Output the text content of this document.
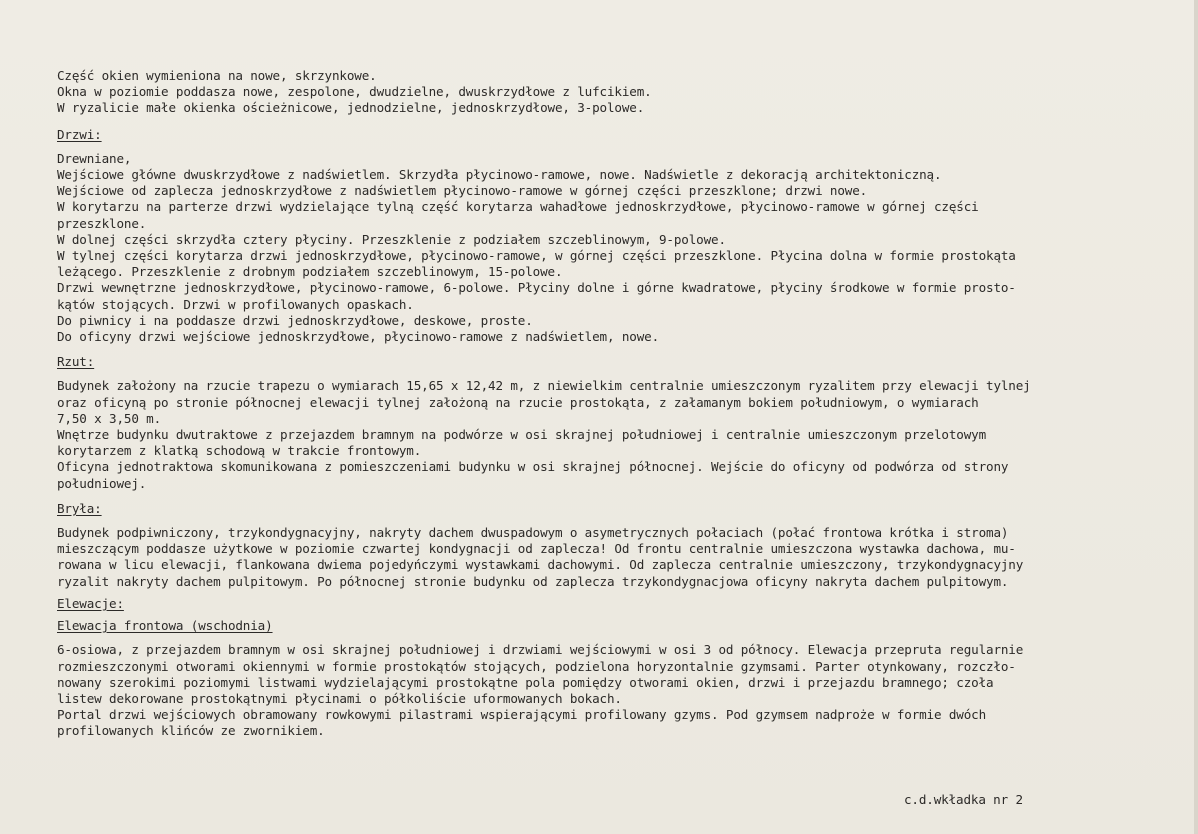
Część okien wymieniona na nowe, skrzynkowe.
Okna w poziomie poddasza nowe, zespolone, dwudzielne, dwuskrzydłowe z lufcikiem.
W ryzalicie małe okienka ościeżnicowe, jednodzielne, jednoskrzydłowe, 3-polowe.
Drzwi:
Drewniane,
Wejściowe główne dwuskrzydłowe z nadświetlem. Skrzydła płycinowo-ramowe, nowe. Nadświetle z dekoracją architektoniczną.
Wejściowe od zaplecza jednoskrzydłowe z nadświetlem płycinowo-ramowe w górnej części przeszklone; drzwi nowe.
W korytarzu na parterze drzwi wydzielające tylną część korytarza wahadłowe jednoskrzydłowe, płycinowo-ramowe w górnej części
przeszklone.
W dolnej części skrzydła cztery płyciny. Przeszklenie z podziałem szczeblinowym, 9-polowe.
W tylnej części korytarza drzwi jednoskrzydłowe, płycinowo-ramowe, w górnej części przeszklone. Płycina dolna w formie prostokąta
leżącego. Przeszklenie z drobnym podziałem szczeblinowym, 15-polowe.
Drzwi wewnętrzne jednoskrzydłowe, płycinowo-ramowe, 6-polowe. Płyciny dolne i górne kwadratowe, płyciny środkowe w formie prosto-
kątów stojących. Drzwi w profilowanych opaskach.
Do piwnicy i na poddasze drzwi jednoskrzydłowe, deskowe, proste.
Do oficyny drzwi wejściowe jednoskrzydłowe, płycinowo-ramowe z nadświetlem, nowe.
Rzut:
Budynek założony na rzucie trapezu o wymiarach 15,65 x 12,42 m, z niewielkim centralnie umieszczonym ryzalitem przy elewacji tylnej
oraz oficyną po stronie północnej elewacji tylnej założoną na rzucie prostokąta, z załamanym bokiem południowym, o wymiarach
7,50 x 3,50 m.
Wnętrze budynku dwutraktowe z przejazdem bramnym na podwórze w osi skrajnej południowej i centralnie umieszczonym przelotowym
korytarzem z klatką schodową w trakcie frontowym.
Oficyna jednotraktowa skomunikowana z pomieszczeniami budynku w osi skrajnej północnej. Wejście do oficyny od podwórza od strony
południowej.
Bryła:
Budynek podpiwniczony, trzykondygnacyjny, nakryty dachem dwuspadowym o asymetrycznych połaciach (połać frontowa krótka i stroma)
mieszczącym poddasze użytkowe w poziomie czwartej kondygnacji od zaplecza! Od frontu centralnie umieszczona wystawka dachowa, mu-
rowana w licu elewacji, flankowana dwiema pojedyńczymi wystawkami dachowymi. Od zaplecza centralnie umieszczony, trzykondygnacyjny
ryzalit nakryty dachem pulpitowym. Po północnej stronie budynku od zaplecza trzykondygnacjowa oficyny nakryta dachem pulpitowym.
Elewacje:
Elewacja frontowa (wschodnia)
6-osiowa, z przejazdem bramnym w osi skrajnej południowej i drzwiami wejściowymi w osi 3 od północy. Elewacja przepruta regularnie
rozmieszczonymi otworami okiennymi w formie prostokątów stojących, podzielona horyzontalnie gzymsami. Parter otynkowany, rozczło-
nowany szerokimi poziomymi listwami wydzielającymi prostokątne pola pomiędzy otworami okien, drzwi i przejazdu bramnego; czoła
listew dekorowane prostokątnymi płycinami o półkoliście uformowanych bokach.
Portal drzwi wejściowych obramowany rowkowymi pilastrami wspierającymi profilowany gzyms. Pod gzymsem nadproże w formie dwóch
profilowanych klińców ze zwornikiem.
c.d.wkładka nr 2
